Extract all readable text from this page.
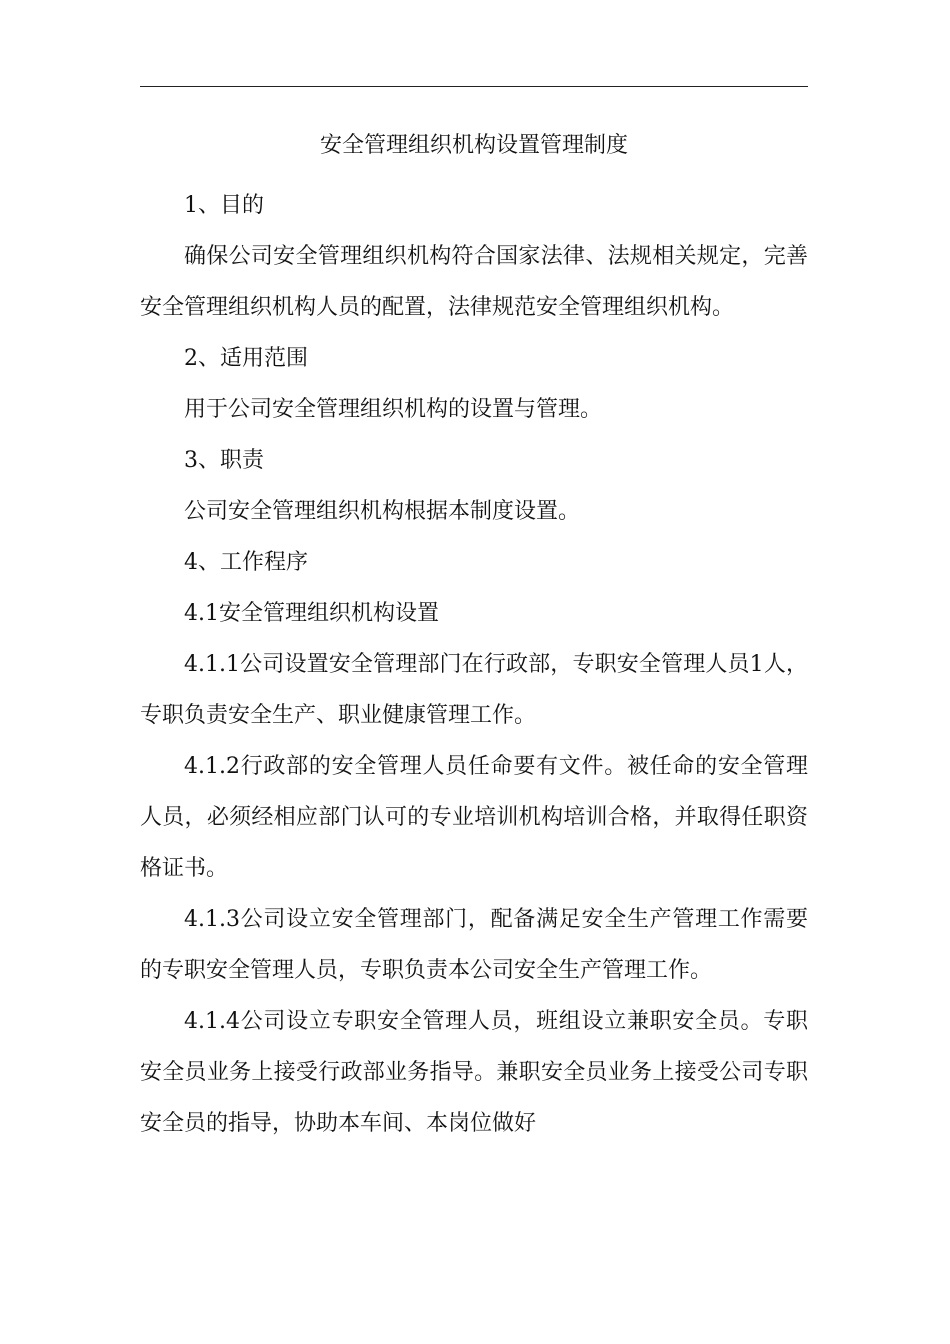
安全管理组织机构设置管理制度

1、目的

确保公司安全管理组织机构符合国家法律、法规相关规定，完善安全管理组织机构人员的配置，法律规范安全管理组织机构。

2、适用范围

用于公司安全管理组织机构的设置与管理。

3、职责

公司安全管理组织机构根据本制度设置。

4、工作程序

4.1安全管理组织机构设置

4.1.1公司设置安全管理部门在行政部，专职安全管理人员1人，专职负责安全生产、职业健康管理工作。

4.1.2行政部的安全管理人员任命要有文件。被任命的安全管理人员，必须经相应部门认可的专业培训机构培训合格，并取得任职资格证书。

4.1.3公司设立安全管理部门，配备满足安全生产管理工作需要的专职安全管理人员，专职负责本公司安全生产管理工作。

4.1.4公司设立专职安全管理人员，班组设立兼职安全员。专职安全员业务上接受行政部业务指导。兼职安全员业务上接受公司专职安全员的指导，协助本车间、本岗位做好
